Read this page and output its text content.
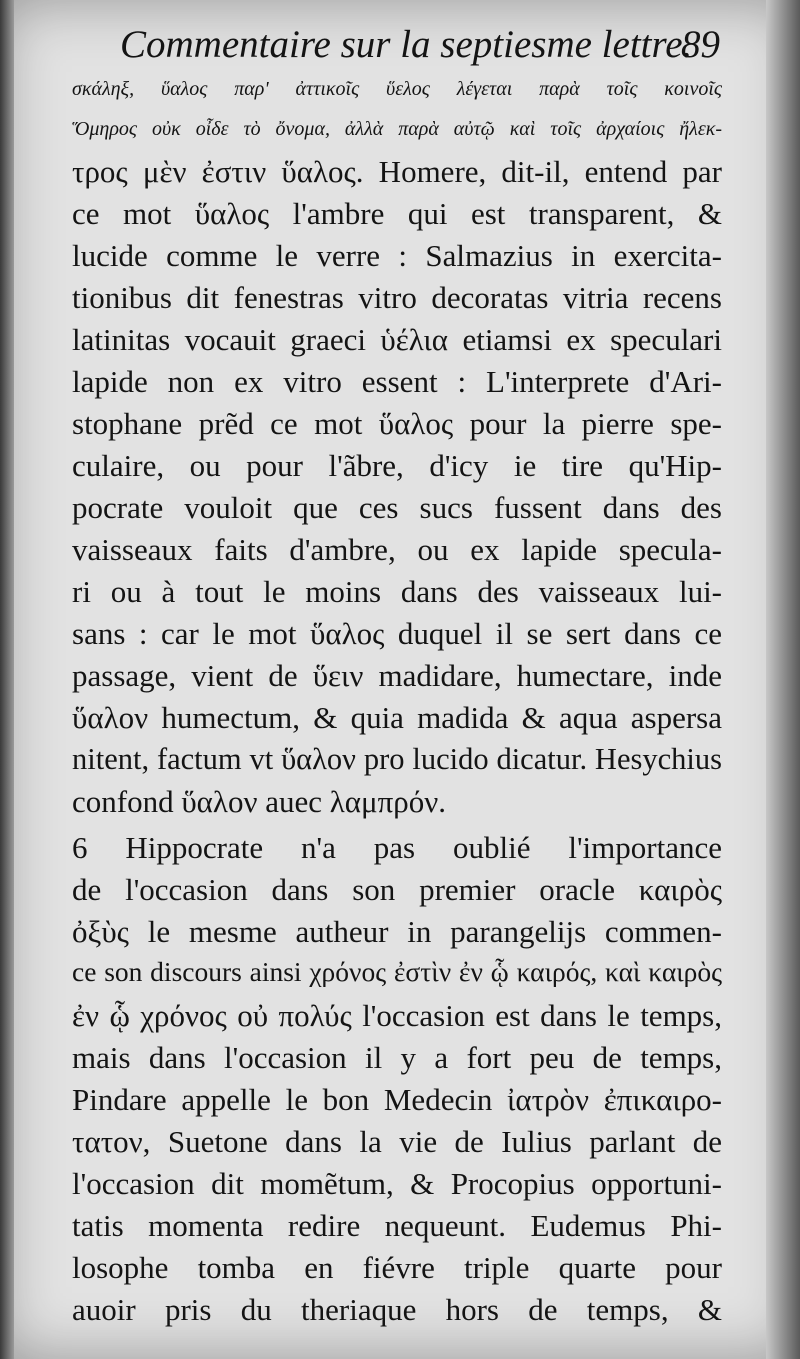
Commentaire sur la septiesme lettre.
89
σκάληξ, ὕαλος παρ' ἀττικοῖς ὕελος λέγεται παρὰ τοῖς κοινοῖς
Ὅμηρος οὐκ οἶδε τὸ ὄνομα, ἀλλὰ παρὰ αὐτῷ καὶ τοῖς ἀρχαίοις ἤλεκ-
τρος μὲν ἐστιν ὕαλος. Homere, dit-il, entend par
ce mot ὕαλος l'ambre qui est transparent, &
lucide comme le verre : Salmazius in exercita-
tionibus dit fenestras vitro decoratas vitria recens
latinitas vocauit graeci ὑέλια etiamsi ex speculari
lapide non ex vitro essent : L'interprete d'Ari-
stophane prẽd ce mot ὕαλος pour la pierre spe-
culaire, ou pour l'ãbre, d'icy ie tire qu'Hip-
pocrate vouloit que ces sucs fussent dans des
vaisseaux faits d'ambre, ou ex lapide specula-
ri ou à tout le moins dans des vaisseaux lui-
sans : car le mot ὕαλος duquel il se sert dans ce
passage, vient de ὕειν madidare, humectare, inde
ὕαλον humectum, & quia madida & aqua aspersa
nitent, factum vt ὕαλον pro lucido dicatur. Hesychius
confond ὕαλον auec λαμπρόν.
6 Hippocrate n'a pas oublié l'importance
de l'occasion dans son premier oracle καιρὸς
ὀξὺς le mesme autheur in parangelijs commen-
ce son discours ainsi χρόνος ἐστὶν ἐν ᾧ καιρός, καὶ καιρὸς
ἐν ᾧ χρόνος οὐ πολύς l'occasion est dans le temps,
mais dans l'occasion il y a fort peu de temps,
Pindare appelle le bon Medecin ἰατρὸν ἐπικαιρο-
τατον, Suetone dans la vie de Iulius parlant de
l'occasion dit momẽtum, & Procopius opportuni-
tatis momenta redire nequeunt. Eudemus Phi-
losophe tomba en fiévre triple quarte pour
auoir pris du theriaque hors de temps, &
